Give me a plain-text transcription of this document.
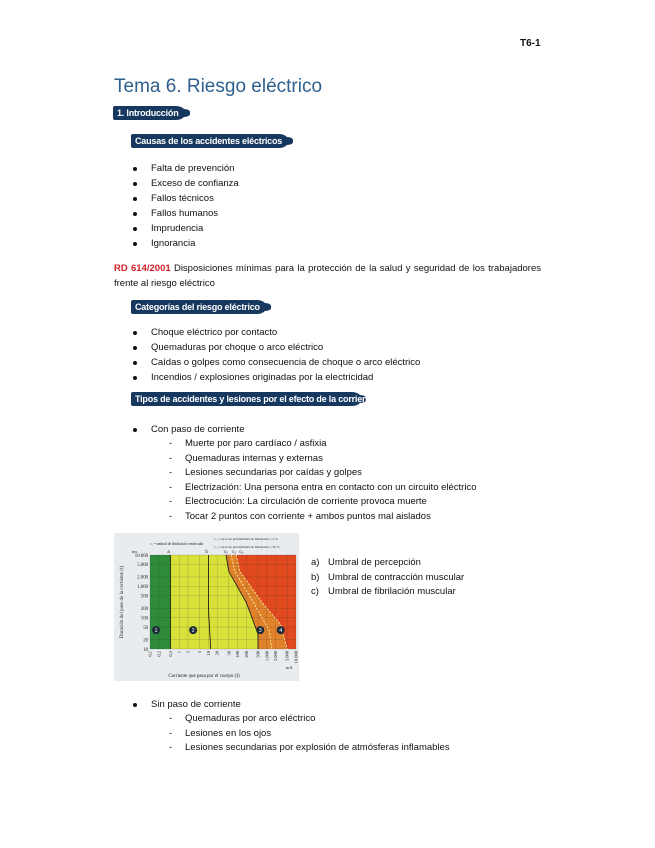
T6-1
Tema 6. Riesgo eléctrico
1. Introducción
Causas de los accidentes eléctricos
Falta de prevención
Exceso de confianza
Fallos técnicos
Fallos humanos
Imprudencia
Ignorancia
RD 614/2001 Disposiciones mínimas para la protección de la salud y seguridad de los trabajadores frente al riesgo eléctrico
Categorías del riesgo eléctrico
Choque eléctrico por contacto
Quemaduras por choque o arco eléctrico
Caídas o golpes como consecuencia de choque o arco eléctrico
Incendios / explosiones originadas por la electricidad
Tipos de accidentes y lesiones por el efecto de la corriente
Con paso de corriente
- Muerte por paro cardíaco / asfixia
- Quemaduras internas y externas
- Lesiones secundarias por caídas y golpes
- Electrización: Una persona entra en contacto con un circuito eléctrico
- Electrocución: La circulación de corriente provoca muerte
- Tocar 2 puntos con corriente + ambos puntos mal aislados
a	b	c₁ c₂ c₃
1	2	3	4
10
20
50
100
200
500
1.000
2.000
5.000
10.000
0,1 0,2 0,5 1 2 5 10 20 50 100 200 500 1.000 2.000 5.000 10.000
mA
ms
Corriente que pasa por el cuerpo (I)
Duración del paso de la corriente (t)
c₁ = umbral de fibrilación ventricular
c₂ = curva de probabilidad de fibrilación = 5 %
c₃ = curva de probabilidad de fibrilación = 50 %
a) Umbral de percepción
b) Umbral de contracción muscular
c) Umbral de fibrilación muscular
Sin paso de corriente
- Quemaduras por arco eléctrico
- Lesiones en los ojos
- Lesiones secundarias por explosión de atmósferas inflamables
